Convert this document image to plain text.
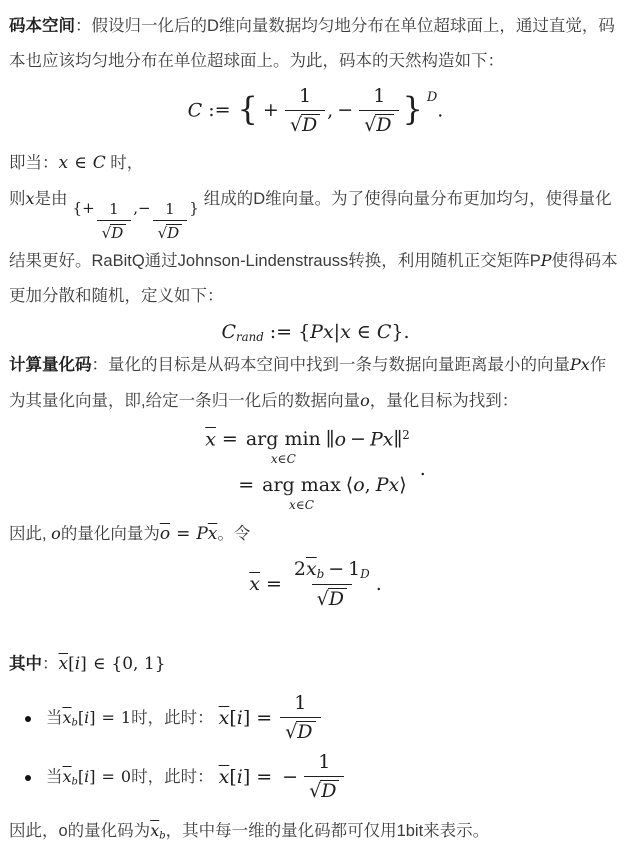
码本空间：假设归一化后的D维向量数据均匀地分布在单位超球面上，通过直觉，码本也应该均匀地分布在单位超球面上。为此，码本的天然构造如下：

C := { + $\frac{1}{√D}$ , − $\frac{1}{√D}$ } $^D$.

即当：x ∈ C 时，

则x是由 { + $\frac{1}{√D}$ , − $\frac{1}{√D}$ } 组成的D维向量。为了使得向量分布更加均匀，使得量化结果更好。RaBitQ通过Johnson-Lindenstrauss转换，利用随机正交矩阵PP使得码本更加分散和随机，定义如下：

$C_{rand}$ := {Px|x ∈ C}.

计算量化码：量化的目标是从码本空间中找到一条与数据向量距离最小的向量Px作为其量化向量，即,给定一条归一化后的数据向量o，量化目标为找到：

$\overline{x}$ = arg min
x∈C
∥o − Px∥$^2$
= arg max
x∈C
⟨o, Px⟩
.

因此, o的量化向量为$\overline{o} = P\overline{x}$。令

$\overline{x} = \frac{2\overline{x}_b - 1_D}{√D}$ .

其中：$\overline{x}[i]$ ∈ {0, 1}

当$\overline{x}_b[i] = 1$时，此时： $\overline{x}$ [ i ] = $\frac{1}{√D}$
当$\overline{x}_b[i] = 0$时，此时： $\overline{x}$ [ i ] = − $\frac{1}{√D}$

因此，o的量化码为$\overline{x}_b$，其中每一维的量化码都可仅用1bit来表示。
